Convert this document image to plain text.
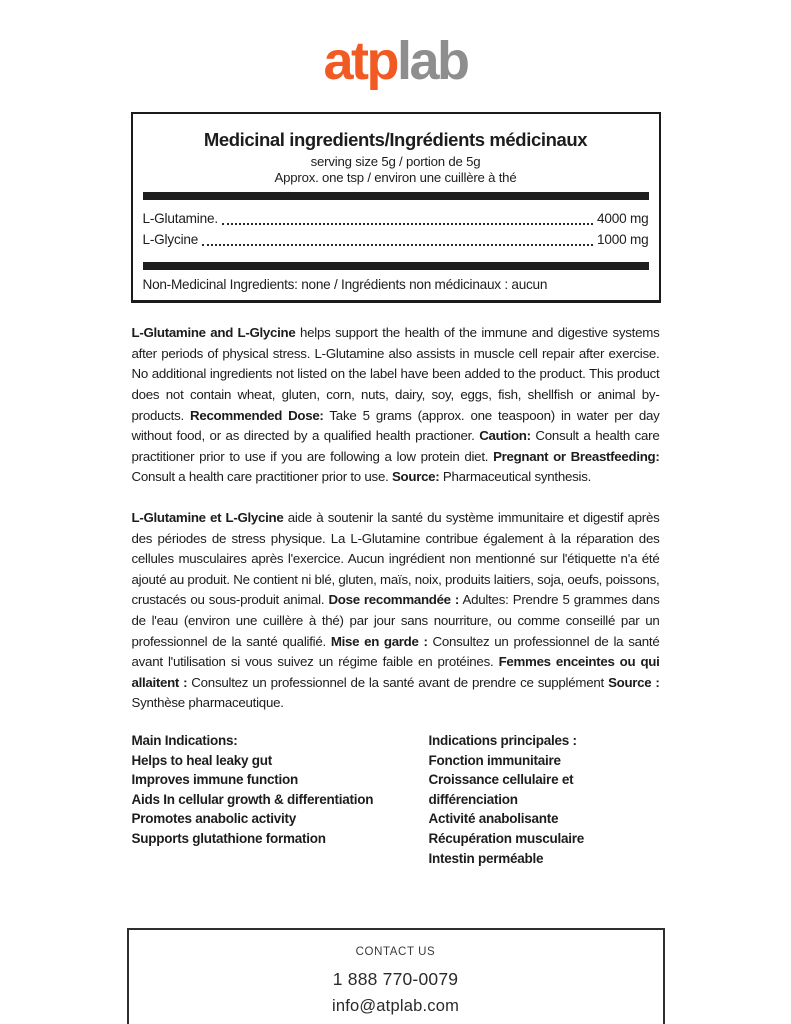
atplab
Medicinal ingredients/Ingrédients médicinaux
serving size 5g / portion de 5g
Approx. one tsp / environ une cuillère à thé
L-Glutamine.	4000 mg
L-Glycine	1000 mg
Non-Medicinal Ingredients: none / Ingrédients non médicinaux : aucun
L-Glutamine and L-Glycine helps support the health of the immune and digestive systems after periods of physical stress. L-Glutamine also assists in muscle cell repair after exercise. No additional ingredients not listed on the label have been added to the product. This product does not contain wheat, gluten, corn, nuts, dairy, soy, eggs, fish, shellfish or animal by-products. Recommended Dose: Take 5 grams (approx. one teaspoon) in water per day without food, or as directed by a qualified health practioner. Caution: Consult a health care practitioner prior to use if you are following a low protein diet. Pregnant or Breastfeeding: Consult a health care practitioner prior to use. Source: Pharmaceutical synthesis.
L-Glutamine et L-Glycine aide à soutenir la santé du système immunitaire et digestif après des périodes de stress physique. La L-Glutamine contribue également à la réparation des cellules musculaires après l'exercice. Aucun ingrédient non mentionné sur l'étiquette n'a été ajouté au produit. Ne contient ni blé, gluten, maïs, noix, produits laitiers, soja, oeufs, poissons, crustacés ou sous-produit animal. Dose recommandée : Adultes: Prendre 5 grammes dans de l'eau (environ une cuillère à thé) par jour sans nourriture, ou comme conseillé par un professionnel de la santé qualifié. Mise en garde : Consultez un professionnel de la santé avant l'utilisation si vous suivez un régime faible en protéines. Femmes enceintes ou qui allaitent : Consultez un professionnel de la santé avant de prendre ce supplément Source : Synthèse pharmaceutique.
Main Indications:
Helps to heal leaky gut
Improves immune function
Aids In cellular growth & differentiation
Promotes anabolic activity
Supports glutathione formation
Indications principales :
Fonction immunitaire
Croissance cellulaire et différenciation
Activité anabolisante
Récupération musculaire
Intestin perméable
CONTACT US
1 888 770-0079
info@atplab.com
